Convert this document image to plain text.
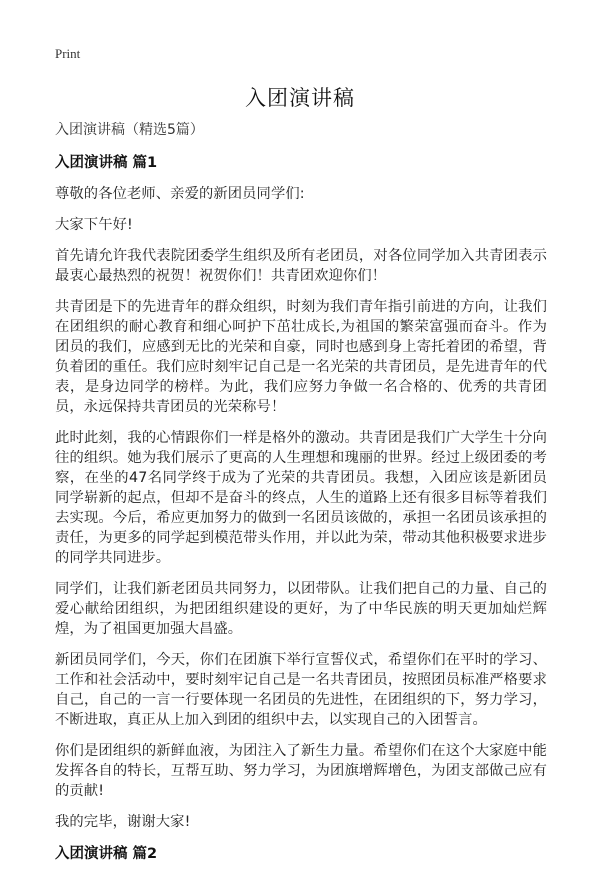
Print
入团演讲稿
入团演讲稿（精选5篇）
入团演讲稿 篇1

尊敬的各位老师、亲爱的新团员同学们:

大家下午好!

首先请允许我代表院团委学生组织及所有老团员，对各位同学加入共青团表示最衷心最热烈的祝贺！祝贺你们！共青团欢迎你们！

共青团是下的先进青年的群众组织，时刻为我们青年指引前进的方向，让我们在团组织的耐心教育和细心呵护下茁壮成长,为祖国的繁荣富强而奋斗。作为团员的我们，应感到无比的光荣和自豪，同时也感到身上寄托着团的希望，背负着团的重任。我们应时刻牢记自己是一名光荣的共青团员，是先进青年的代表，是身边同学的榜样。为此，我们应努力争做一名合格的、优秀的共青团员，永远保持共青团员的光荣称号！

此时此刻，我的心情跟你们一样是格外的激动。共青团是我们广大学生十分向往的组织。她为我们展示了更高的人生理想和瑰丽的世界。经过上级团委的考察，在坐的47名同学终于成为了光荣的共青团员。我想，入团应该是新团员同学崭新的起点，但却不是奋斗的终点，人生的道路上还有很多目标等着我们去实现。今后，希应更加努力的做到一名团员该做的，承担一名团员该承担的责任，为更多的同学起到模范带头作用，并以此为荣，带动其他积极要求进步的同学共同进步。

同学们，让我们新老团员共同努力，以团带队。让我们把自己的力量、自己的爱心献给团组织，为把团组织建设的更好，为了中华民族的明天更加灿烂辉煌，为了祖国更加强大昌盛。

新团员同学们，今天，你们在团旗下举行宣誓仪式，希望你们在平时的学习、工作和社会活动中，要时刻牢记自己是一名共青团员，按照团员标准严格要求自己，自己的一言一行要体现一名团员的先进性，在团组织的下，努力学习，不断进取，真正从上加入到团的组织中去，以实现自己的入团誓言。

你们是团组织的新鲜血液，为团注入了新生力量。希望你们在这个大家庭中能发挥各自的特长，互帮互助、努力学习，为团旗增辉增色，为团支部做己应有的贡献!

我的完毕，谢谢大家!

入团演讲稿 篇2
